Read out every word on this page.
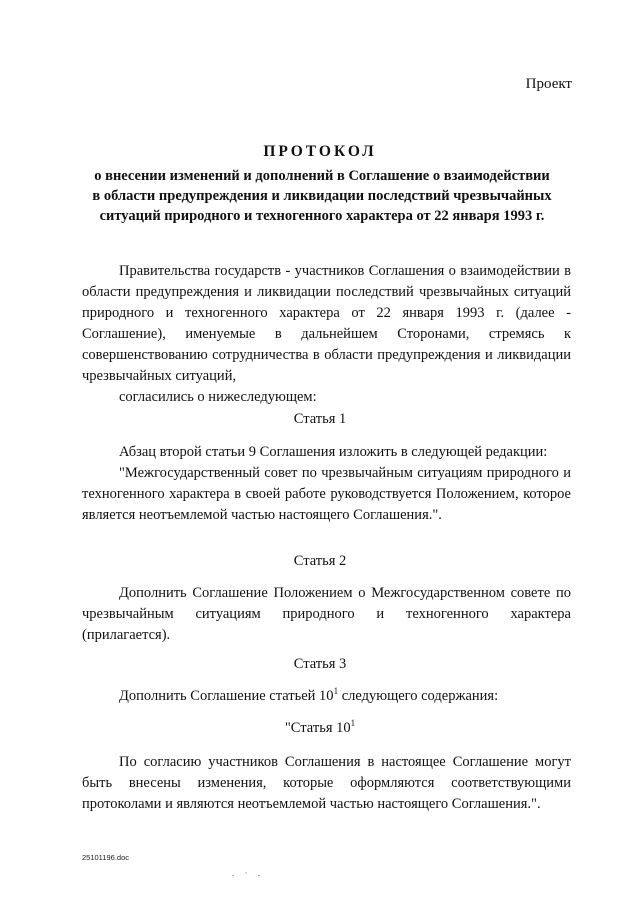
Проект
ПРОТОКОЛ
о внесении изменений и дополнений в Соглашение о взаимодействии
в области предупреждения и ликвидации последствий чрезвычайных
ситуаций природного и техногенного характера от 22 января 1993 г.

Правительства государств - участников Соглашения о взаимодействии в области предупреждения и ликвидации последствий чрезвычайных ситуаций природного и техногенного характера от 22 января 1993 г. (далее - Соглашение), именуемые в дальнейшем Сторонами, стремясь к совершенствованию сотрудничества в области предупреждения и ликвидации чрезвычайных ситуаций,

согласились о нижеследующем:

Статья 1

Абзац второй статьи 9 Соглашения изложить в следующей редакции:

"Межгосударственный совет по чрезвычайным ситуациям природного и техногенного характера в своей работе руководствуется Положением, которое является неотъемлемой частью настоящего Соглашения.".

Статья 2

Дополнить Соглашение Положением о Межгосударственном совете по чрезвычайным ситуациям природного и техногенного характера (прилагается).

Статья 3

Дополнить Соглашение статьей $10^1$ следующего содержания:

"Статья $10^1$

По согласию участников Соглашения в настоящее Соглашение могут быть внесены изменения, которые оформляются соответствующими протоколами и являются неотъемлемой частью настоящего Соглашения.".

25101196.doc
. · .
